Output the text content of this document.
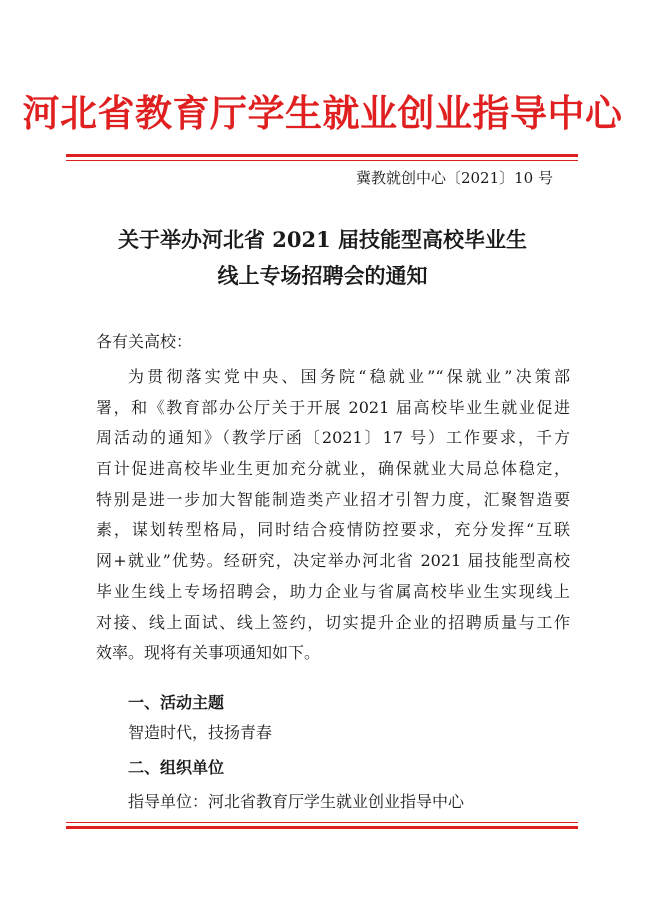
河北省教育厅学生就业创业指导中心
冀教就创中心〔2021〕10 号
关于举办河北省 2021 届技能型高校毕业生
线上专场招聘会的通知
各有关高校：
为贯彻落实党中央、国务院“稳就业”“保就业”决策部
署，和《教育部办公厅关于开展 2021 届高校毕业生就业促进
周活动的通知》（教学厅函〔2021〕17 号）工作要求，千方
百计促进高校毕业生更加充分就业，确保就业大局总体稳定，
特别是进一步加大智能制造类产业招才引智力度，汇聚智造要
素，谋划转型格局，同时结合疫情防控要求，充分发挥“互联
网+就业”优势。经研究，决定举办河北省 2021 届技能型高校
毕业生线上专场招聘会，助力企业与省属高校毕业生实现线上
对接、线上面试、线上签约，切实提升企业的招聘质量与工作
效率。现将有关事项通知如下。
一、活动主题
智造时代，技扬青春
二、组织单位
指导单位：河北省教育厅学生就业创业指导中心
